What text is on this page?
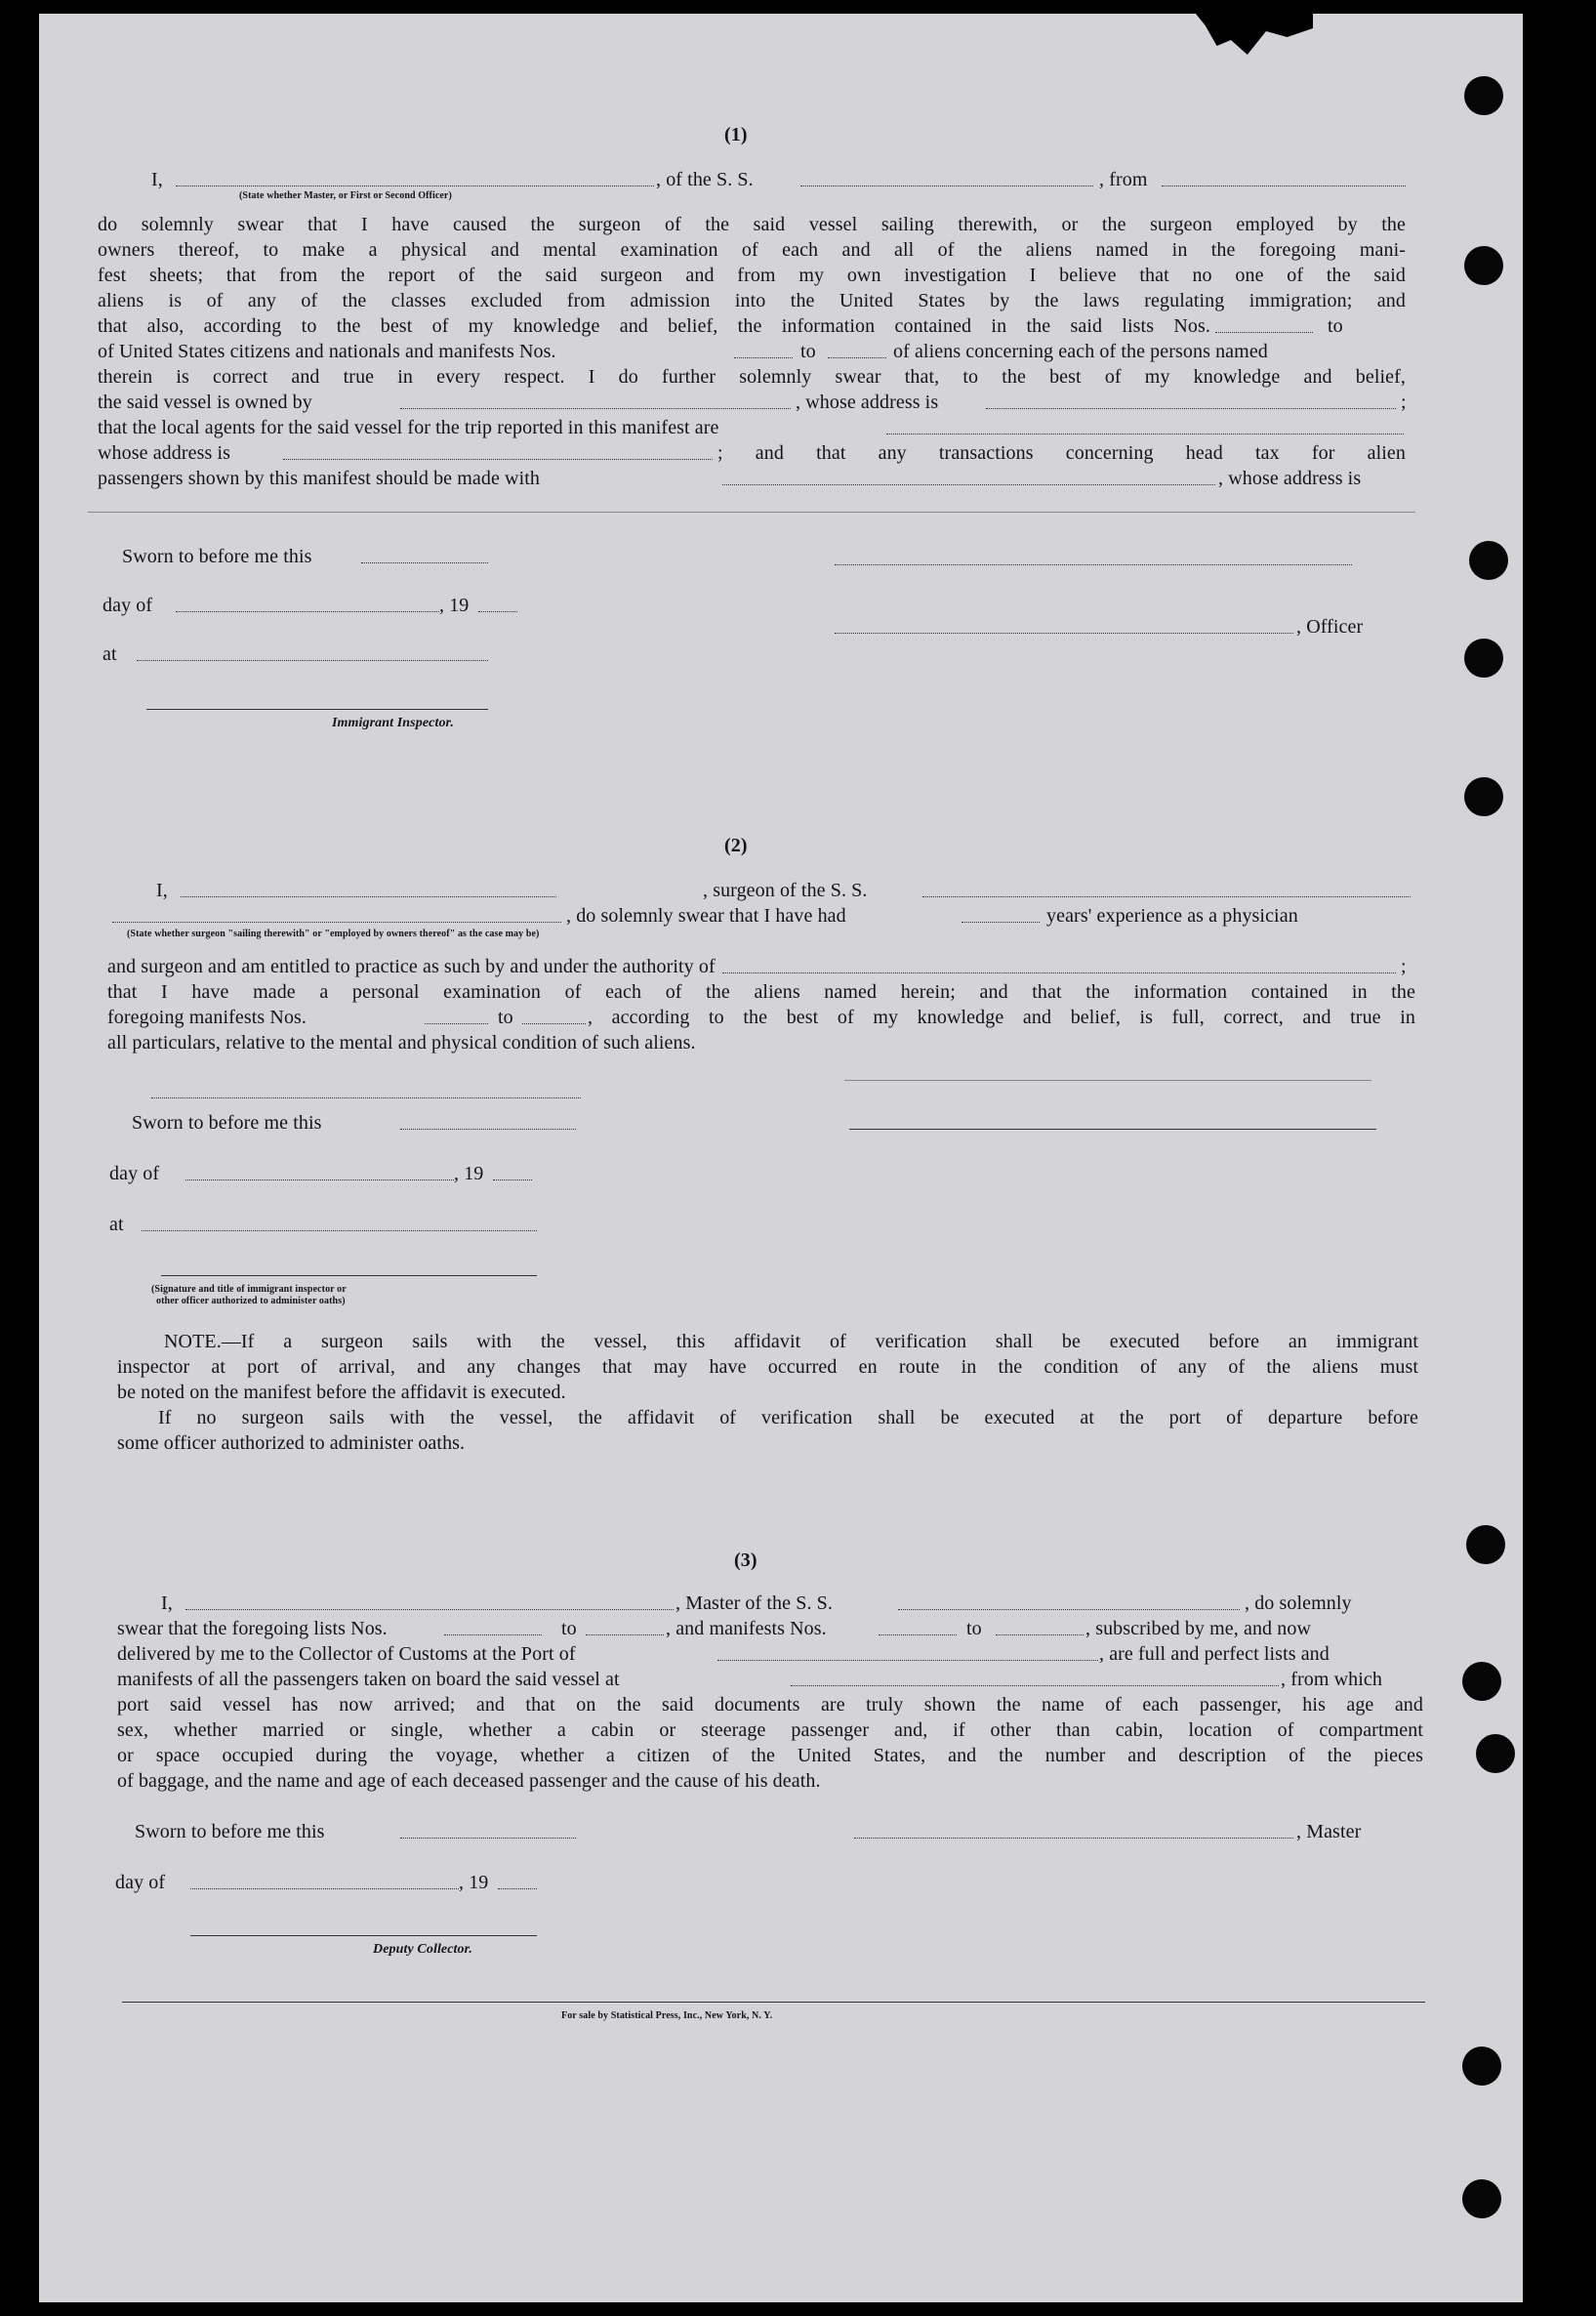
(1)
I,
(State whether Master, or First or Second Officer)
, of the S. S.	, from
do solemnly swear that I have caused the surgeon of the said vessel sailing therewith, or the surgeon employed by the
owners thereof, to make a physical and mental examination of each and all of the aliens named in the foregoing mani-
fest sheets; that from the report of the said surgeon and from my own investigation I believe that no one of the said
aliens is of any of the classes excluded from admission into the United States by the laws regulating immigration; and
that also, according to the best of my knowledge and belief, the information contained in the said lists Nos.	to
of United States citizens and nationals and manifests Nos.	to	of aliens concerning each of the persons named
therein is correct and true in every respect. I do further solemnly swear that, to the best of my knowledge and belief,
the said vessel is owned by	, whose address is	;
that the local agents for the said vessel for the trip reported in this manifest are
whose address is	; and that any transactions concerning head tax for alien
passengers shown by this manifest should be made with	, whose address is
Sworn to before me this
day of	, 19
at
Immigrant Inspector.
, Officer
(2)
I,	, surgeon of the S. S.
, do solemnly swear that I have had	years' experience as a physician
(State whether surgeon "sailing therewith" or "employed by owners thereof" as the case may be)
and surgeon and am entitled to practice as such by and under the authority of	;
that I have made a personal examination of each of the aliens named herein; and that the information contained in the
foregoing manifests Nos.	to	, according to the best of my knowledge and belief, is full, correct, and true in
all particulars, relative to the mental and physical condition of such aliens.
Sworn to before me this
day of	, 19
at
(Signature and title of immigrant inspector or
other officer authorized to administer oaths)
NOTE.—If a surgeon sails with the vessel, this affidavit of verification shall be executed before an immigrant
inspector at port of arrival, and any changes that may have occurred en route in the condition of any of the aliens must
be noted on the manifest before the affidavit is executed.
If no surgeon sails with the vessel, the affidavit of verification shall be executed at the port of departure before
some officer authorized to administer oaths.
(3)
I,	, Master of the S. S.	, do solemnly
swear that the foregoing lists Nos.	to	, and manifests Nos.	to	, subscribed by me, and now
delivered by me to the Collector of Customs at the Port of	, are full and perfect lists and
manifests of all the passengers taken on board the said vessel at	, from which
port said vessel has now arrived; and that on the said documents are truly shown the name of each passenger, his age and
sex, whether married or single, whether a cabin or steerage passenger and, if other than cabin, location of compartment
or space occupied during the voyage, whether a citizen of the United States, and the number and description of the pieces
of baggage, and the name and age of each deceased passenger and the cause of his death.
Sworn to before me this	, Master
day of	, 19
Deputy Collector.
For sale by Statistical Press, Inc., New York, N. Y.
